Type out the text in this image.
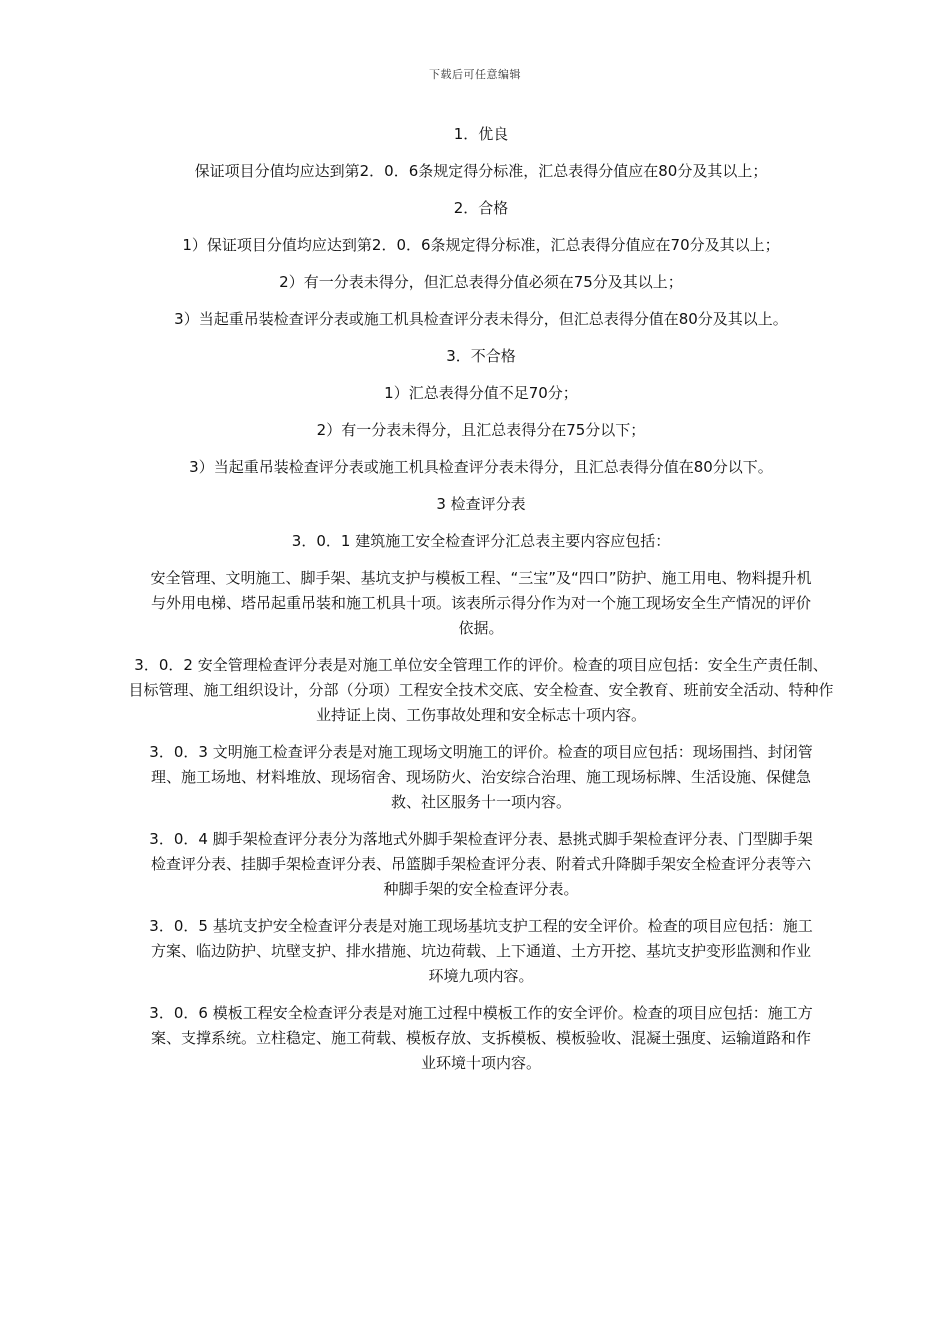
下载后可任意编辑

1．优良

保证项目分值均应达到第2．0．6条规定得分标准，汇总表得分值应在80分及其以上；

2．合格

1）保证项目分值均应达到第2．0．6条规定得分标准，汇总表得分值应在70分及其以上；

2）有一分表未得分，但汇总表得分值必须在75分及其以上；

3）当起重吊装检查评分表或施工机具检查评分表未得分，但汇总表得分值在80分及其以上。

3．不合格

1）汇总表得分值不足70分；

2）有一分表未得分，且汇总表得分在75分以下；

3）当起重吊装检查评分表或施工机具检查评分表未得分，且汇总表得分值在80分以下。

3 检查评分表

3．0．1 建筑施工安全检查评分汇总表主要内容应包括：

安全管理、文明施工、脚手架、基坑支护与模板工程、“三宝”及“四口”防护、施工用电、物料提升机与外用电梯、塔吊起重吊装和施工机具十项。该表所示得分作为对一个施工现场安全生产情况的评价依据。

3．0．2 安全管理检查评分表是对施工单位安全管理工作的评价。检查的项目应包括：安全生产责任制、目标管理、施工组织设计，分部（分项）工程安全技术交底、安全检查、安全教育、班前安全活动、特种作业持证上岗、工伤事故处理和安全标志十项内容。

3．0．3 文明施工检查评分表是对施工现场文明施工的评价。检查的项目应包括：现场围挡、封闭管理、施工场地、材料堆放、现场宿舍、现场防火、治安综合治理、施工现场标牌、生活设施、保健急救、社区服务十一项内容。

3．0．4 脚手架检查评分表分为落地式外脚手架检查评分表、悬挑式脚手架检查评分表、门型脚手架检查评分表、挂脚手架检查评分表、吊篮脚手架检查评分表、附着式升降脚手架安全检查评分表等六种脚手架的安全检查评分表。

3．0．5 基坑支护安全检查评分表是对施工现场基坑支护工程的安全评价。检查的项目应包括：施工方案、临边防护、坑壁支护、排水措施、坑边荷载、上下通道、土方开挖、基坑支护变形监测和作业环境九项内容。

3．0．6 模板工程安全检查评分表是对施工过程中模板工作的安全评价。检查的项目应包括：施工方案、支撑系统。立柱稳定、施工荷载、模板存放、支拆模板、模板验收、混凝土强度、运输道路和作业环境十项内容。
